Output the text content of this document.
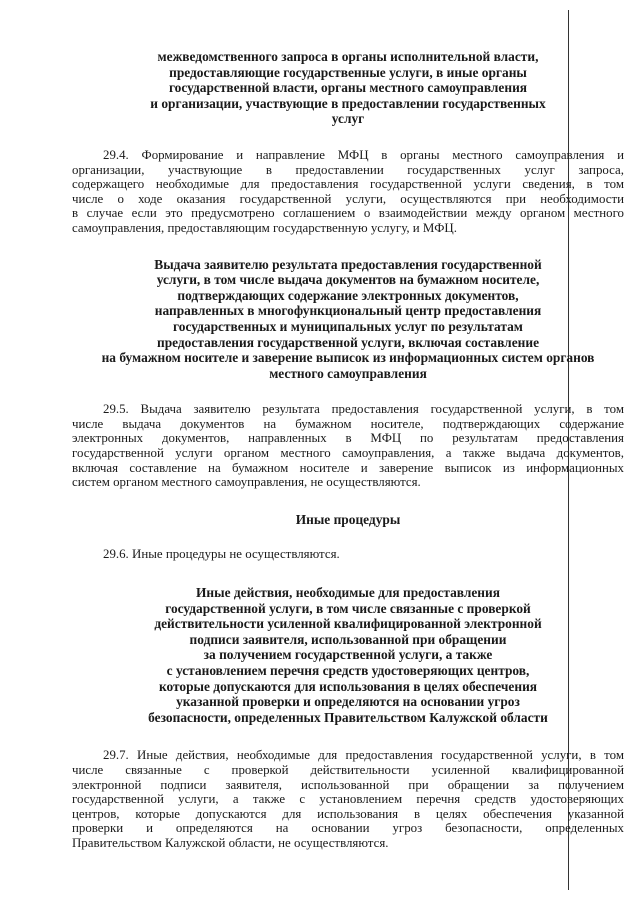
межведомственного запроса в органы исполнительной власти,
предоставляющие государственные услуги, в иные органы
государственной власти, органы местного самоуправления
и организации, участвующие в предоставлении государственных
услуг
29.4. Формирование и направление МФЦ в органы местного самоуправления и
организации, участвующие в предоставлении государственных услуг запроса,
содержащего необходимые для предоставления государственной услуги сведения, в том
числе о ходе оказания государственной услуги, осуществляются при необходимости
в случае если это предусмотрено соглашением о взаимодействии между органом местного
самоуправления, предоставляющим государственную услугу, и МФЦ.
Выдача заявителю результата предоставления государственной
услуги, в том числе выдача документов на бумажном носителе,
подтверждающих содержание электронных документов,
направленных в многофункциональный центр предоставления
государственных и муниципальных услуг по результатам
предоставления государственной услуги, включая составление
на бумажном носителе и заверение выписок из информационных систем органов
местного самоуправления
29.5. Выдача заявителю результата предоставления государственной услуги, в том
числе выдача документов на бумажном носителе, подтверждающих содержание
электронных документов, направленных в МФЦ по результатам предоставления
государственной услуги органом местного самоуправления, а также выдача документов,
включая составление на бумажном носителе и заверение выписок из информационных
систем органом местного самоуправления, не осуществляются.
Иные процедуры
29.6. Иные процедуры не осуществляются.
Иные действия, необходимые для предоставления
государственной услуги, в том числе связанные с проверкой
действительности усиленной квалифицированной электронной
подписи заявителя, использованной при обращении
за получением государственной услуги, а также
с установлением перечня средств удостоверяющих центров,
которые допускаются для использования в целях обеспечения
указанной проверки и определяются на основании угроз
безопасности, определенных Правительством Калужской области
29.7. Иные действия, необходимые для предоставления государственной услуги, в том
числе связанные с проверкой действительности усиленной квалифицированной
электронной подписи заявителя, использованной при обращении за получением
государственной услуги, а также с установлением перечня средств удостоверяющих
центров, которые допускаются для использования в целях обеспечения указанной
проверки и определяются на основании угроз безопасности, определенных
Правительством Калужской области, не осуществляются.
